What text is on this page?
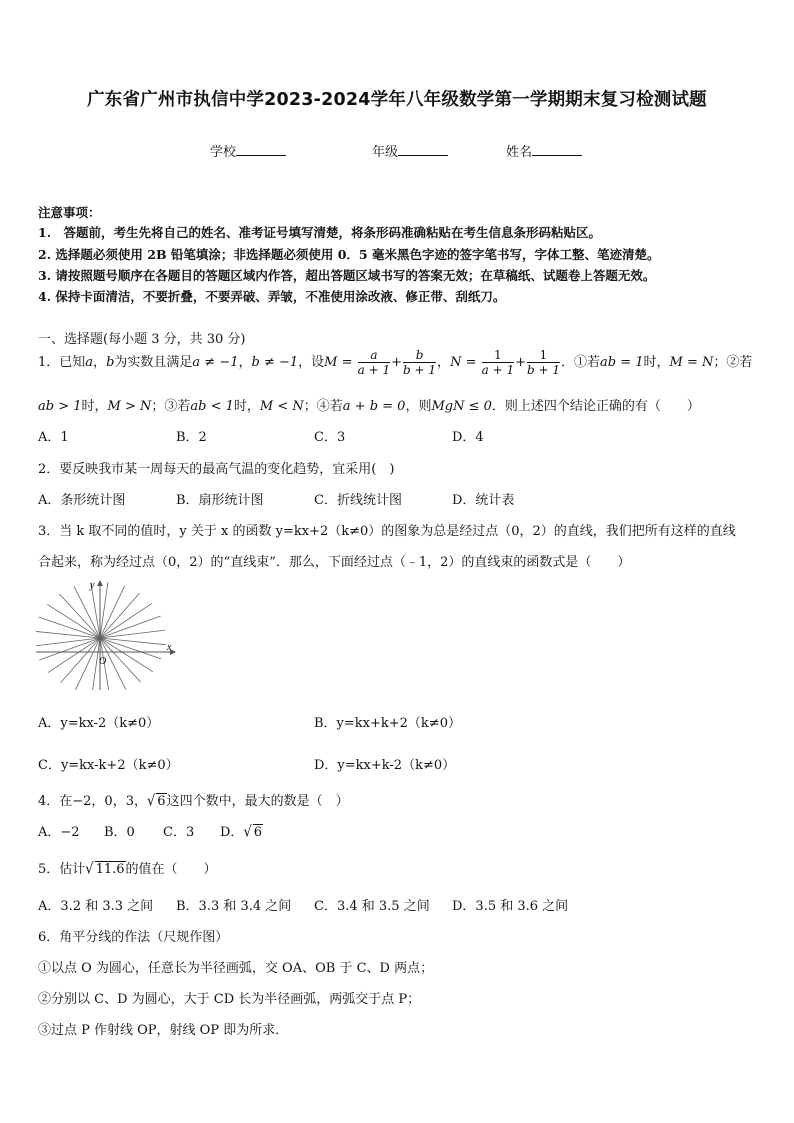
广东省广州市执信中学2023-2024学年八年级数学第一学期期末复习检测试题
学校	年级	姓名
注意事项：
1.　答题前，考生先将自己的姓名、准考证号填写清楚，将条形码准确粘贴在考生信息条形码粘贴区。
2. 选择题必须使用 2B 铅笔填涂；非选择题必须使用 0．5 毫米黑色字迹的签字笔书写，字体工整、笔迹清楚。
3. 请按照题号顺序在各题目的答题区域内作答，超出答题区域书写的答案无效；在草稿纸、试题卷上答题无效。
4. 保持卡面清洁，不要折叠，不要弄破、弄皱，不准使用涂改液、修正带、刮纸刀。
一、选择题(每小题 3 分，共 30 分)
1．已知a，b为实数且满足a ≠ −1，b ≠ −1，设$M = \frac{a}{a + 1} + \frac{b}{b + 1}$ ，$N = \frac{1}{a + 1} + \frac{1}{b + 1}$ ．①若ab = 1时，M = N；②若
ab > 1时，M > N；③若ab < 1时，M < N；④若a + b = 0，则MgN ≤ 0．则上述四个结论正确的有（　　）
A．1	B．2	C．3	D．4
2．要反映我市某一周每天的最高气温的变化趋势，宜采用(　)
A．条形统计图	B．扇形统计图	C．折线统计图	D．统计表
3．当 k 取不同的值时，y 关于 x 的函数 y=kx+2（k≠0）的图象为总是经过点（0，2）的直线，我们把所有这样的直线
合起来，称为经过点（0，2）的“直线束”．那么，下面经过点（﹣1，2）的直线束的函数式是（　　）
x
y
O
A．y=kx-2（k≠0）	B．y=kx+k+2（k≠0）
C．y=kx-k+2（k≠0）	D．y=kx+k-2（k≠0）
4．在−2，0，3，√ 6这四个数中，最大的数是（　）
A．−2 B．0 C．3 D．√ 6
5．估计√ 11.6的值在（　　）
A．3.2 和 3.3 之间 B．3.3 和 3.4 之间 C．3.4 和 3.5 之间 D．3.5 和 3.6 之间
6．角平分线的作法（尺规作图）
①以点 O 为圆心，任意长为半径画弧，交 OA、OB 于 C、D 两点；
②分别以 C、D 为圆心，大于 CD 长为半径画弧，两弧交于点 P；
③过点 P 作射线 OP，射线 OP 即为所求．
